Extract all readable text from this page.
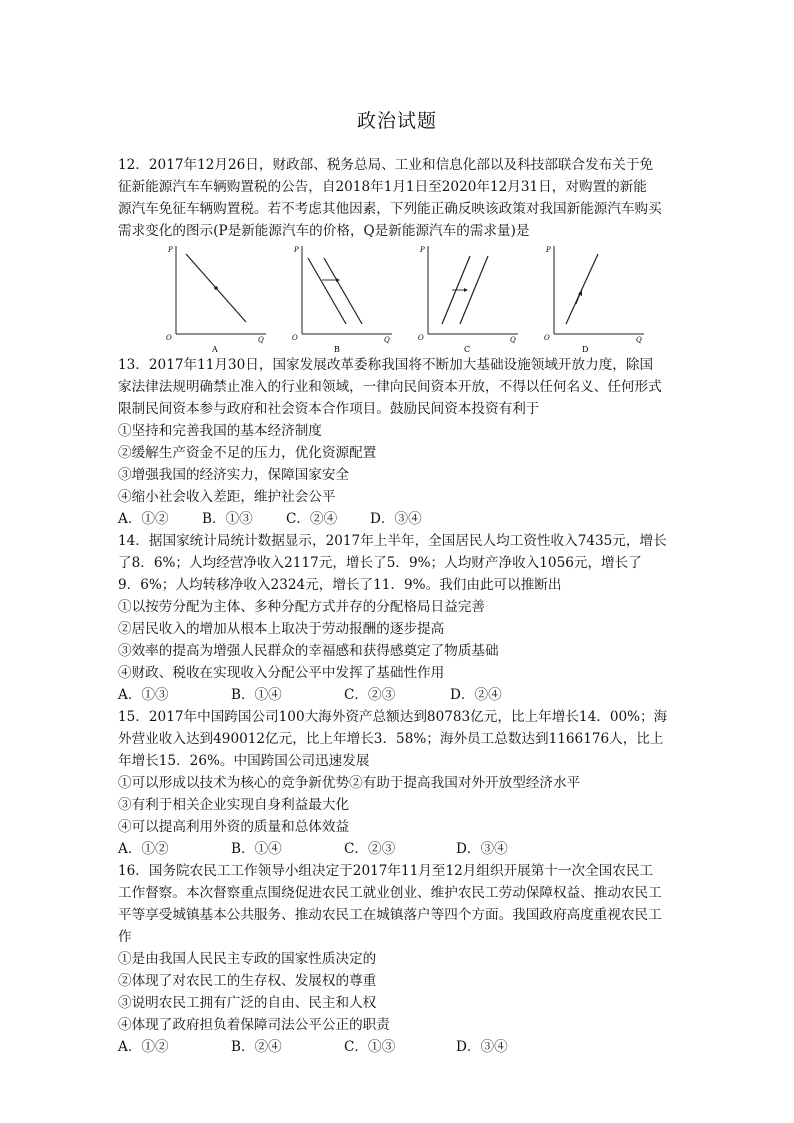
政治试题
12．2017年12月26日，财政部、税务总局、工业和信息化部以及科技部联合发布关于免
征新能源汽车车辆购置税的公告，自2018年1月1日至2020年12月31日，对购置的新能
源汽车免征车辆购置税。若不考虑其他因素，下列能正确反映该政策对我国新能源汽车购买
需求变化的图示(P是新能源汽车的价格，Q是新能源汽车的需求量)是
P
O	Q
A
P
O	Q
B
P
O	Q
C
P
O	Q
D
13．2017年11月30日，国家发展改革委称我国将不断加大基础设施领域开放力度，除国
家法律法规明确禁止准入的行业和领域，一律向民间资本开放，不得以任何名义、任何形式
限制民间资本参与政府和社会资本合作项目。鼓励民间资本投资有利于
①坚持和完善我国的基本经济制度
②缓解生产资金不足的压力，优化资源配置
③增强我国的经济实力，保障国家安全
④缩小社会收入差距，维护社会公平
A．①② B．①③ C．②④ D．③④
14．据国家统计局统计数据显示，2017年上半年，全国居民人均工资性收入7435元，增长
了8．6%；人均经营净收入2117元，增长了5．9%；人均财产净收入1056元，增长了
9．6%；人均转移净收入2324元，增长了11．9%。我们由此可以推断出
①以按劳分配为主体、多种分配方式并存的分配格局日益完善
②居民收入的增加从根本上取决于劳动报酬的逐步提高
③效率的提高为增强人民群众的幸福感和获得感奠定了物质基础
④财政、税收在实现收入分配公平中发挥了基础性作用
A．①③	B．①④	C．②③	D．②④
15．2017年中国跨国公司100大海外资产总额达到80783亿元，比上年增长14．00%；海
外营业收入达到490012亿元，比上年增长3．58%；海外员工总数达到1166176人，比上
年增长15．26%。中国跨国公司迅速发展
①可以形成以技术为核心的竞争新优势②有助于提高我国对外开放型经济水平
③有利于相关企业实现自身利益最大化
④可以提高利用外资的质量和总体效益
A．①②	B．①④	C．②③	D．③④
16．国务院农民工工作领导小组决定于2017年11月至12月组织开展第十一次全国农民工
工作督察。本次督察重点围绕促进农民工就业创业、维护农民工劳动保障权益、推动农民工
平等享受城镇基本公共服务、推动农民工在城镇落户等四个方面。我国政府高度重视农民工
作
①是由我国人民民主专政的国家性质决定的
②体现了对农民工的生存权、发展权的尊重
③说明农民工拥有广泛的自由、民主和人权
④体现了政府担负着保障司法公平公正的职责
A．①②	B．②④	C．①③	D．③④
